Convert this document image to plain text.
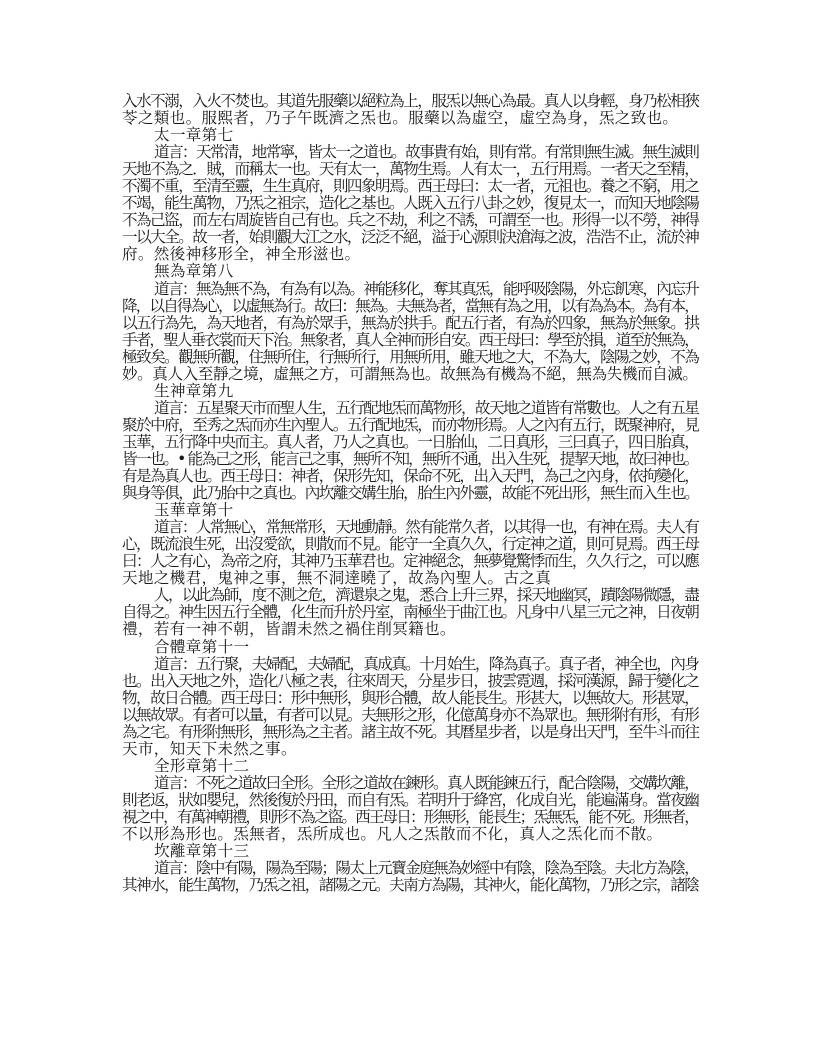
入水不溺，入火不焚也。其道先服藥以絕粒為上，服炁以無心為最。真人以身輕，身乃松相狹
苓之類也。服熙者，乃子午既濟之炁也。服藥以為虛空，虛空為身，炁之致也。
太一章第七
道言：天常清，地常寧，皆太一之道也。故事貴有始，則有常。有常則無生滅。無生滅則
天地不為之．賊，而稱太一也。天有太一，萬物生焉。人有太一，五行用焉。一者天之至精，
不濁不重，至清至靈，生生真府，則四象明焉。西王母曰：太一者，元祖也。養之不窮，用之
不竭，能生萬物，乃炁之祖宗，造化之基也。人既入五行八卦之妙，復見太一，而知天地陰陽
不為己盜，而左右周旋皆自己有也。兵之不劫，利之不誘，可謂至一也。形得一以不勞，神得
一以大全。故一者，始則觀大江之水，泛泛不絕，溢于心源則決滄海之波，浩浩不止，流於神
府。然後神移形全，神全形滋也。
無為章第八
道言：無為無不為，有為有以為。神能移化，奪其真炁，能呼吸陰陽，外忘飢寒，內忘升
降，以自得為心，以虛無為行。故曰：無為。夫無為者，當無有為之用，以有為為本。為有本，
以五行為先，為天地者，有為於眾手，無為於拱手。配五行者，有為於四象，無為於無象。拱
手者，聖人垂衣裳而天下治。無象者，真人全神而形自安。西王母曰：學至於損，道至於無為，
極致矣。觀無所觀，住無所住，行無所行，用無所用，雖天地之大，不為大，陰陽之妙，不為
妙。真人入至靜之境，虛無之方，可謂無為也。故無為有機為不絕，無為失機而自滅。
生神章第九
道言：五星聚天市而聖人生，五行配地炁而萬物形，故天地之道皆有常數也。人之有五星
聚於中府，至秀之炁而亦生內聖人。五行配地炁，而亦物形焉。人之內有五行，既聚神府，見
玉華，五行降中央而主。真人者，乃人之真也。一日胎仙，二日真形，三曰真子，四日胎真，
皆一也。• 能為己之形，能言己之事，無所不知，無所不通，出入生死，提挈天地，故曰神也。
有是為真人也。西王母日：神者，保形先知，保命不死，出入天門，為己之內身，依拘變化，
與身等俱，此乃胎中之真也。內坎離交媾生胎，胎生內外靈，故能不死出形，無生而入生也。
玉華章第十
道言：人常無心，常無常形，天地動靜。然有能常久者，以其得一也，有神在焉。夫人有
心，既流浪生死，出沒愛欲，則散而不見。能守一全真久久，行定神之道，則可見焉。西王母
曰：人之有心，為帝之府，其神乃玉華君也。定神絕念，無夢覺驚悸而生，久久行之，可以應
天地之機君，鬼神之事，無不洞達曉了，故為內聖人。古之真
人，以此為師，度不測之危，濟還泉之鬼，悉合上升三界，採天地幽冥，蹟陰陽微隱，盡
自得之。神生因五行全體，化生而升於丹室，南極坐于曲江也。凡身中八星三元之神，日夜朝
禮，若有一神不朝，皆謂未然之禍住削冥籍也。
合體章第十一
道言：五行聚，夫婦配，夫婦配，真成真。十月始生，降為真子。真子者，神全也，內身
也。出入天地之外，造化八極之表，往來周天，分星步日，披雲霓週，採河漢源，歸于變化之
物，故日合體。西王母日：形中無形，與形合體，故人能長生。形甚大，以無故大。形甚眾，
以無故眾。有者可以量，有者可以見。夫無形之形，化億萬身亦不為眾也。無形附有形，有形
為之宅。有形附無形，無形為之主者。諸主故不死。其曆星步者，以是身出天門，至牛斗而往
天市，知天下未然之事。
全形章第十二
道言：不死之道故曰全形。全形之道故在鍊形。真人既能鍊五行，配合陰陽，交媾坎離，
則老返，狀如嬰兒，然後復於丹田，而自有炁。若明升于絳宮，化成自光，能遍滿身。當夜幽
視之中，有萬神朝禮，則形不為之盜。西王母日：形無形，能長生；炁無炁，能不死。形無者，
不以形為形也。炁無者，炁所成也。凡人之炁散而不化，真人之炁化而不散。
坎離章第十三
道言：陰中有陽，陽為至陽；陽太上元寶金庭無為妙經中有陰，陰為至陰。夫北方為陰，
其神水，能生萬物，乃炁之祖，諸陽之元。夫南方為陽，其神火，能化萬物，乃形之宗，諸陰
